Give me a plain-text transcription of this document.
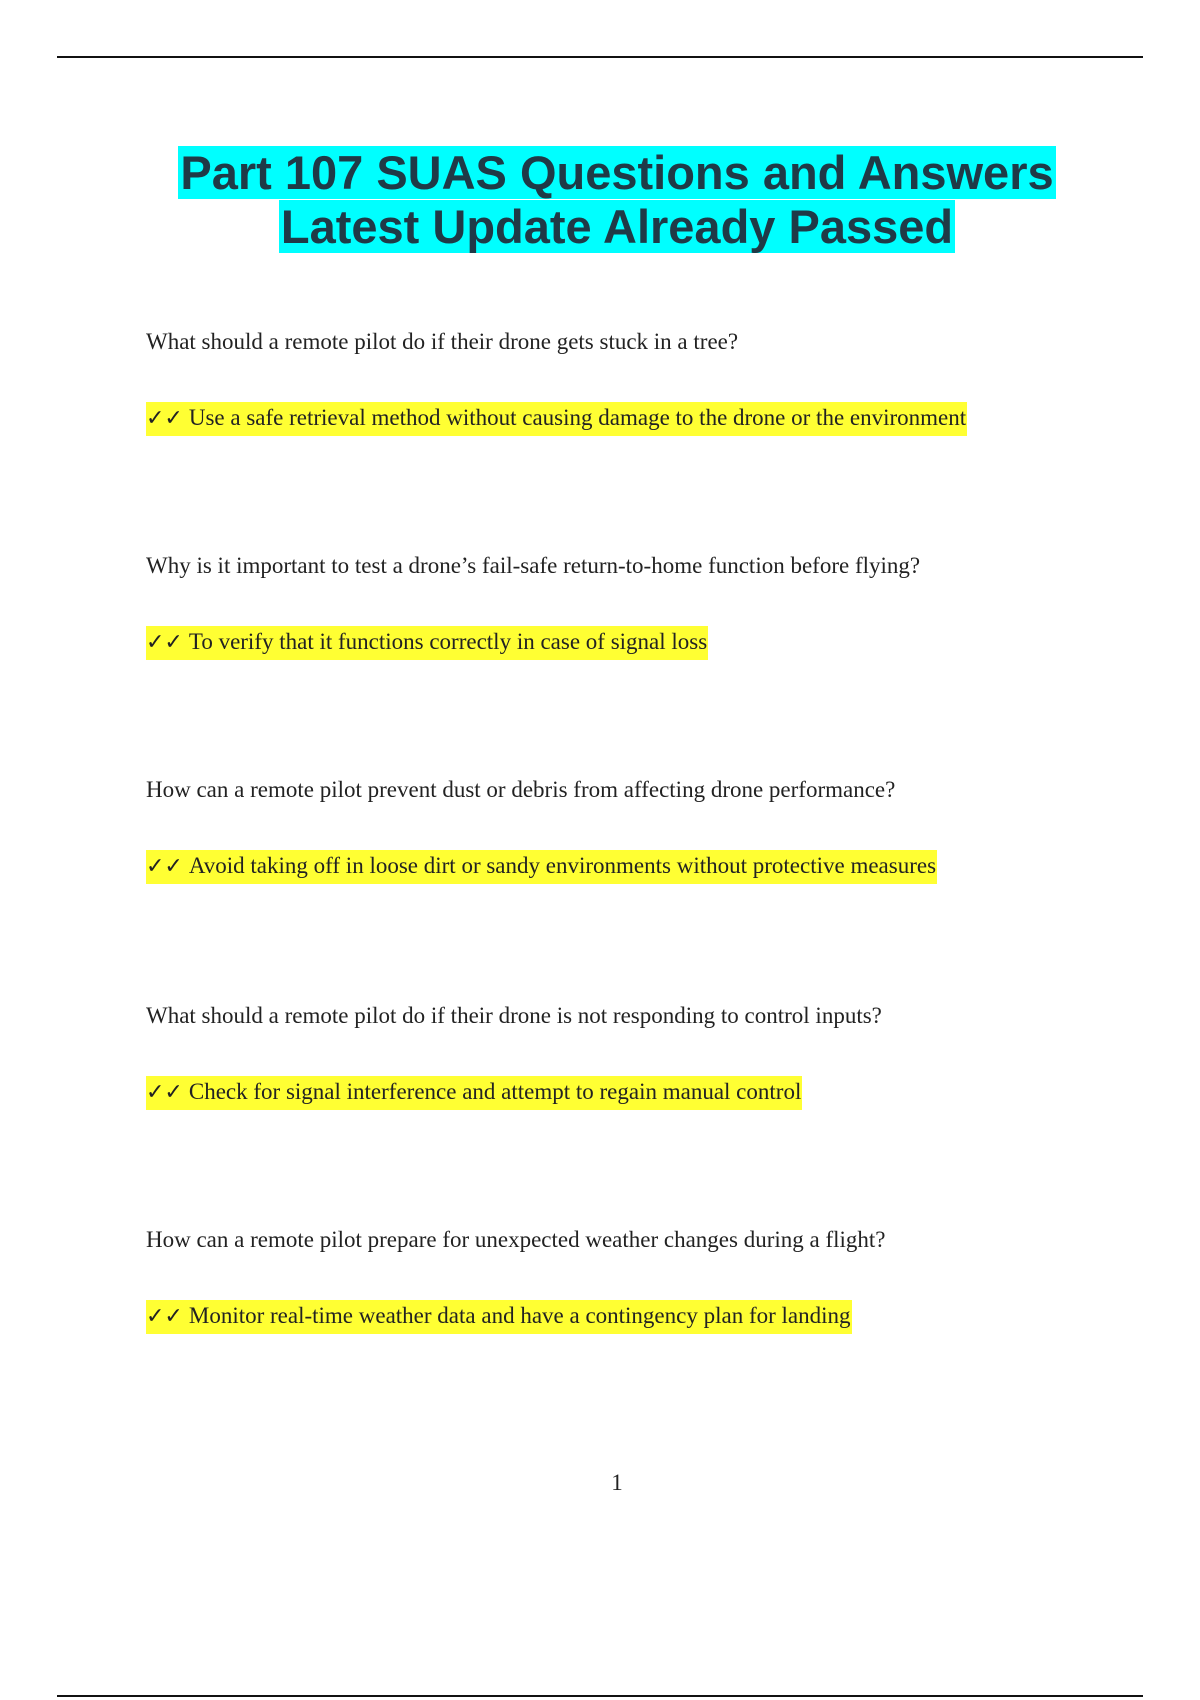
Part 107 SUAS Questions and Answers
Latest Update Already Passed
What should a remote pilot do if their drone gets stuck in a tree?
✓✓ Use a safe retrieval method without causing damage to the drone or the environment
Why is it important to test a drone’s fail-safe return-to-home function before flying?
✓✓ To verify that it functions correctly in case of signal loss
How can a remote pilot prevent dust or debris from affecting drone performance?
✓✓ Avoid taking off in loose dirt or sandy environments without protective measures
What should a remote pilot do if their drone is not responding to control inputs?
✓✓ Check for signal interference and attempt to regain manual control
How can a remote pilot prepare for unexpected weather changes during a flight?
✓✓ Monitor real-time weather data and have a contingency plan for landing
1
